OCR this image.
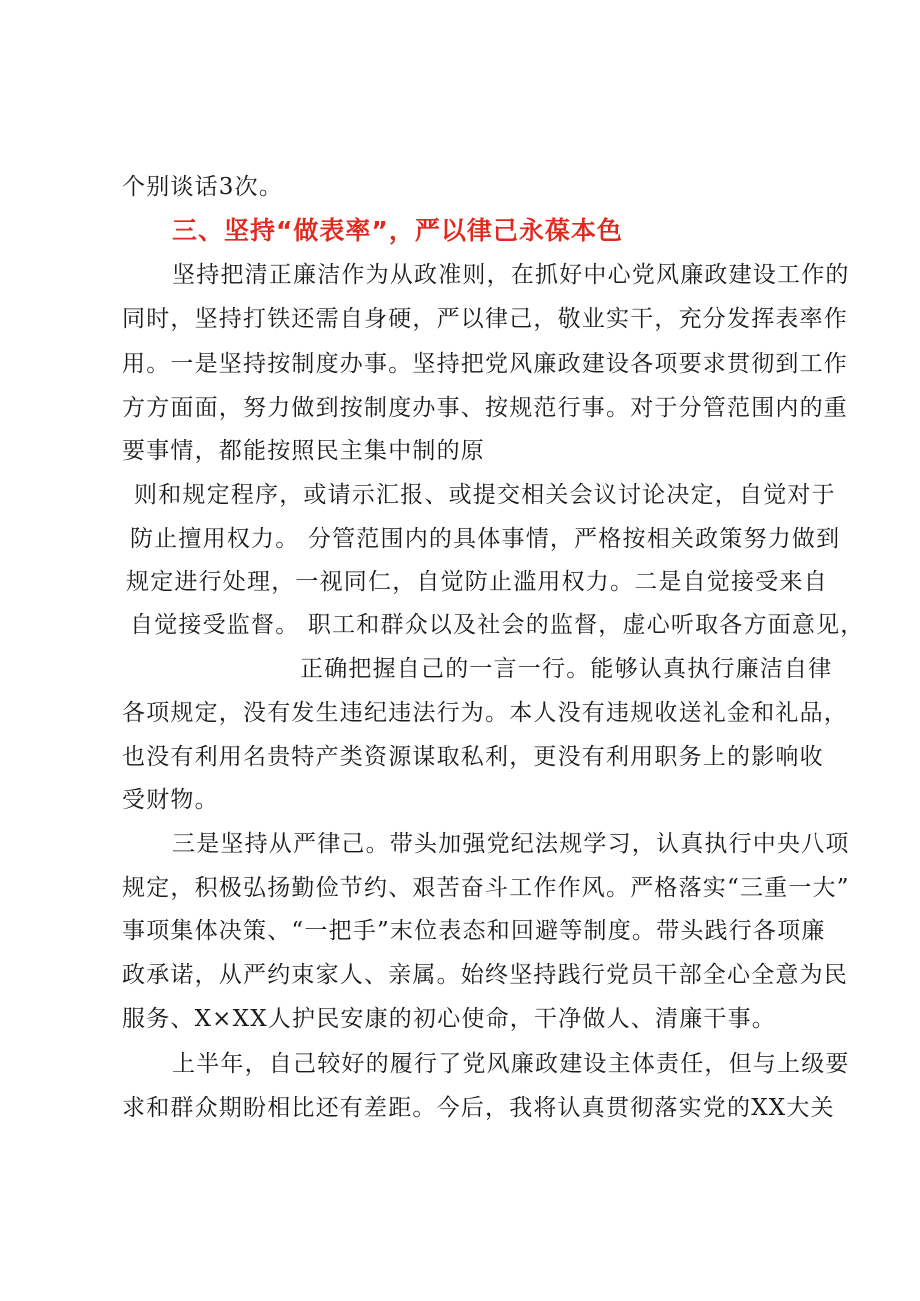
个别谈话3次。
三、坚持“做表率”，严以律己永葆本色
坚持把清正廉洁作为从政准则，在抓好中心党风廉政建设工作的
同时，坚持打铁还需自身硬，严以律己，敬业实干，充分发挥表率作
用。一是坚持按制度办事。坚持把党风廉政建设各项要求贯彻到工作
方方面面，努力做到按制度办事、按规范行事。对于分管范围内的重
要事情，都能按照民主集中制的原
则和规定程序，或请示汇报、或提交相关会议讨论决定，自觉对于
防止擅用权力。 分管范围内的具体事情，严格按相关政策努力做到
规定进行处理，一视同仁，自觉防止滥用权力。二是自觉接受来自
自觉接受监督。 职工和群众以及社会的监督，虚心听取各方面意见，
正确把握自己的一言一行。能够认真执行廉洁自律
各项规定，没有发生违纪违法行为。本人没有违规收送礼金和礼品，
也没有利用名贵特产类资源谋取私利，更没有利用职务上的影响收
受财物。
三是坚持从严律己。带头加强党纪法规学习，认真执行中央八项
规定，积极弘扬勤俭节约、艰苦奋斗工作作风。严格落实“三重一大”
事项集体决策、“一把手”末位表态和回避等制度。带头践行各项廉
政承诺，从严约束家人、亲属。始终坚持践行党员干部全心全意为民
服务、X×XX人护民安康的初心使命，干净做人、清廉干事。
上半年，自己较好的履行了党风廉政建设主体责任，但与上级要
求和群众期盼相比还有差距。今后，我将认真贯彻落实党的XX大关
